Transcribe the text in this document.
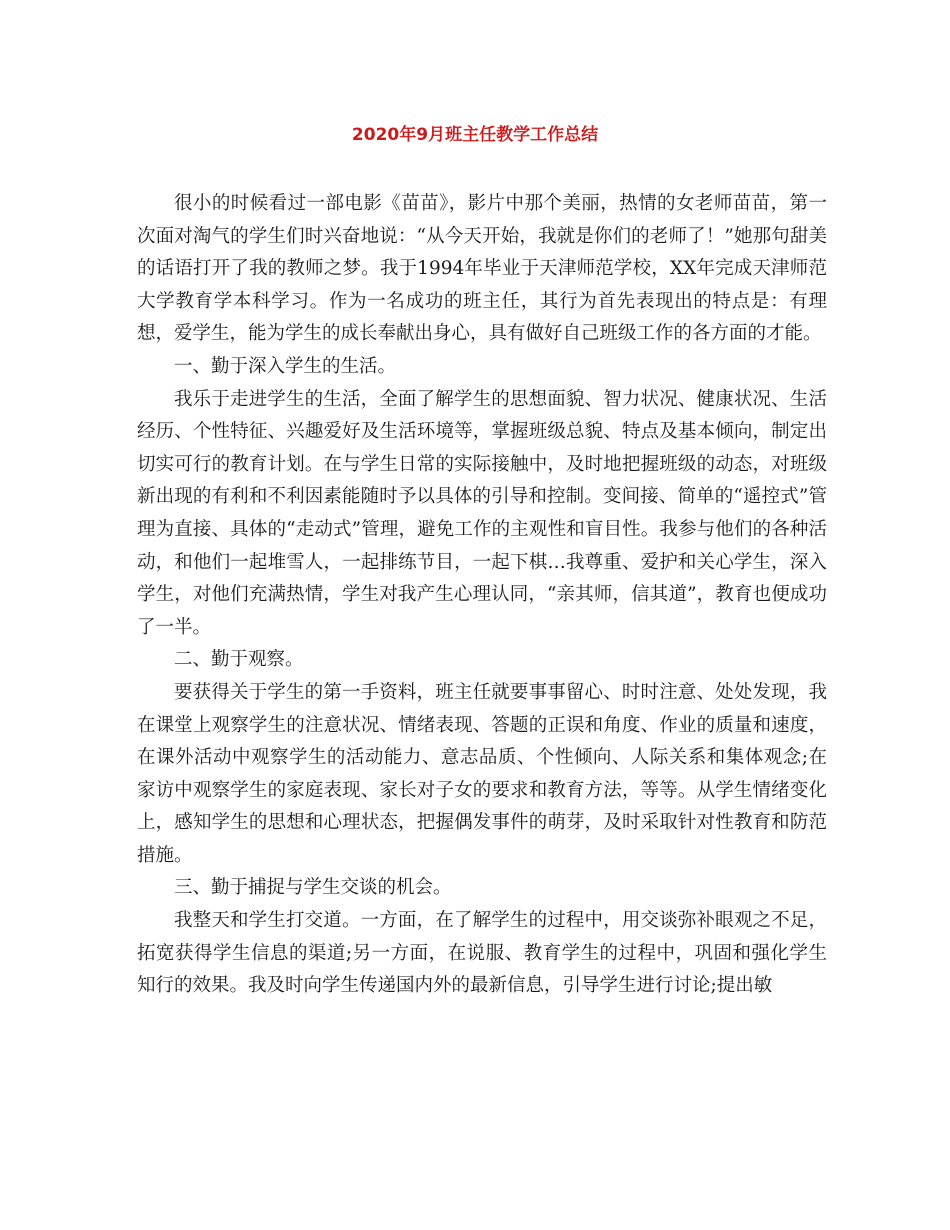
2020年9月班主任教学工作总结

很小的时候看过一部电影《苗苗》，影片中那个美丽，热情的女老师苗苗，第一次面对淘气的学生们时兴奋地说：“从今天开始，我就是你们的老师了！”她那句甜美的话语打开了我的教师之梦。我于1994年毕业于天津师范学校，XX年完成天津师范大学教育学本科学习。作为一名成功的班主任，其行为首先表现出的特点是：有理想，爱学生，能为学生的成长奉献出身心，具有做好自己班级工作的各方面的才能。

一、勤于深入学生的生活。

我乐于走进学生的生活，全面了解学生的思想面貌、智力状况、健康状况、生活经历、个性特征、兴趣爱好及生活环境等，掌握班级总貌、特点及基本倾向，制定出切实可行的教育计划。在与学生日常的实际接触中，及时地把握班级的动态，对班级新出现的有利和不利因素能随时予以具体的引导和控制。变间接、简单的“遥控式”管理为直接、具体的“走动式”管理，避免工作的主观性和盲目性。我参与他们的各种活动，和他们一起堆雪人，一起排练节目，一起下棋…我尊重、爱护和关心学生，深入学生，对他们充满热情，学生对我产生心理认同，“亲其师，信其道”，教育也便成功了一半。

二、勤于观察。

要获得关于学生的第一手资料，班主任就要事事留心、时时注意、处处发现，我在课堂上观察学生的注意状况、情绪表现、答题的正误和角度、作业的质量和速度，在课外活动中观察学生的活动能力、意志品质、个性倾向、人际关系和集体观念;在家访中观察学生的家庭表现、家长对子女的要求和教育方法，等等。从学生情绪变化上，感知学生的思想和心理状态，把握偶发事件的萌芽，及时采取针对性教育和防范措施。

三、勤于捕捉与学生交谈的机会。

我整天和学生打交道。一方面，在了解学生的过程中，用交谈弥补眼观之不足，拓宽获得学生信息的渠道;另一方面，在说服、教育学生的过程中，巩固和强化学生知行的效果。我及时向学生传递国内外的最新信息，引导学生进行讨论;提出敏
